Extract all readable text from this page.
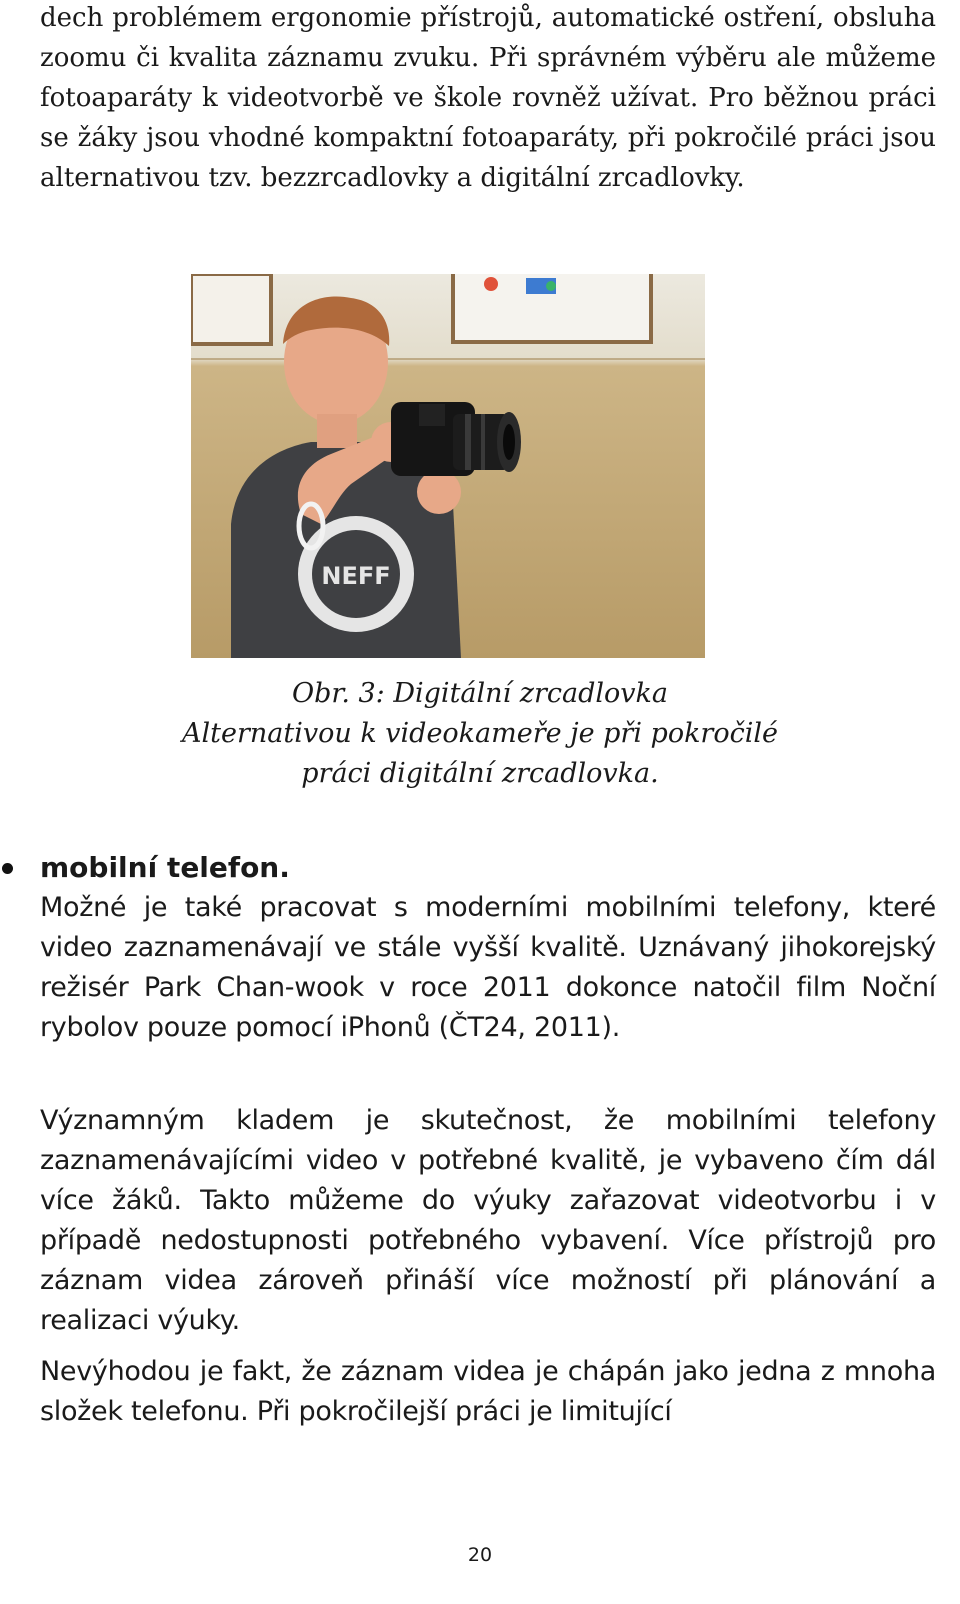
dech problémem ergonomie přístrojů, automatické ostření, obsluha zoomu či kvalita záznamu zvuku. Při správném výběru ale můžeme fotoaparáty k videotvorbě ve škole rovněž užívat. Pro běžnou práci se žáky jsou vhodné kompaktní fotoaparáty, při pokročilé práci jsou alternativou tzv. bezzrcadlovky a digitální zrcadlovky.

NEFF
Obr. 3: Digitální zrcadlovka
Alternativou k videokameře je při pokročilé
práci digitální zrcadlovka.
mobilní telefon.

Možné je také pracovat s moderními mobilními telefony, které video zaznamenávají ve stále vyšší kvalitě. Uznávaný jihokorejský režisér Park Chan-wook v roce 2011 dokonce natočil film Noční rybolov pouze pomocí iPhonů (ČT24, 2011).

Významným kladem je skutečnost, že mobilními telefony zaznamenávajícími video v potřebné kvalitě, je vybaveno čím dál více žáků. Takto můžeme do výuky zařazovat videotvorbu i v případě nedostupnosti potřebného vybavení. Více přístrojů pro záznam videa zároveň přináší více možností při plánování a realizaci výuky.

Nevýhodou je fakt, že záznam videa je chápán jako jedna z mnoha složek telefonu. Při pokročilejší práci je limitující

20
